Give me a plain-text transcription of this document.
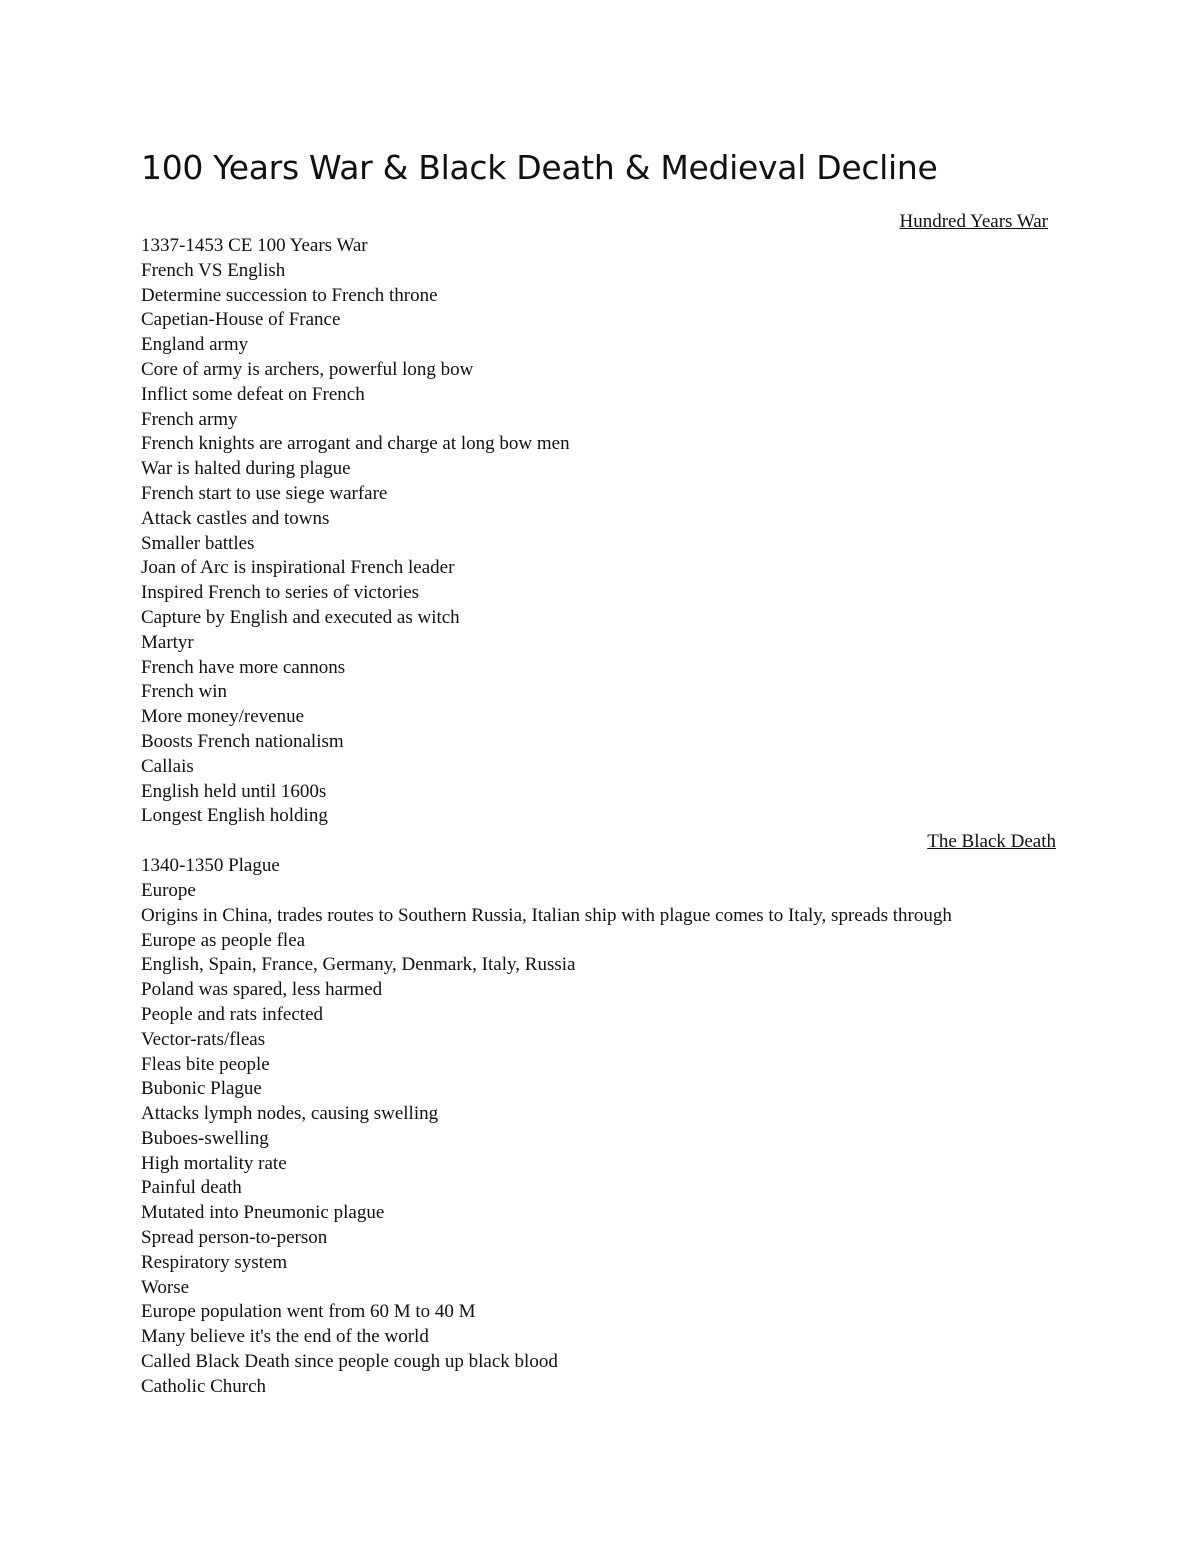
100 Years War & Black Death & Medieval Decline
Hundred Years War
1337-1453 CE 100 Years War
French VS English
Determine succession to French throne
Capetian-House of France
England army
Core of army is archers, powerful long bow
Inflict some defeat on French
French army
French knights are arrogant and charge at long bow men
War is halted during plague
French start to use siege warfare
Attack castles and towns
Smaller battles
Joan of Arc is inspirational French leader
Inspired French to series of victories
Capture by English and executed as witch
Martyr
French have more cannons
French win
More money/revenue
Boosts French nationalism
Callais
English held until 1600s
Longest English holding
The Black Death
1340-1350 Plague
Europe
Origins in China, trades routes to Southern Russia, Italian ship with plague comes to Italy, spreads through Europe as people flea
English, Spain, France, Germany, Denmark, Italy, Russia
Poland was spared, less harmed
People and rats infected
Vector-rats/fleas
Fleas bite people
Bubonic Plague
Attacks lymph nodes, causing swelling
Buboes-swelling
High mortality rate
Painful death
Mutated into Pneumonic plague
Spread person-to-person
Respiratory system
Worse
Europe population went from 60 M to 40 M
Many believe it's the end of the world
Called Black Death since people cough up black blood
Catholic Church
